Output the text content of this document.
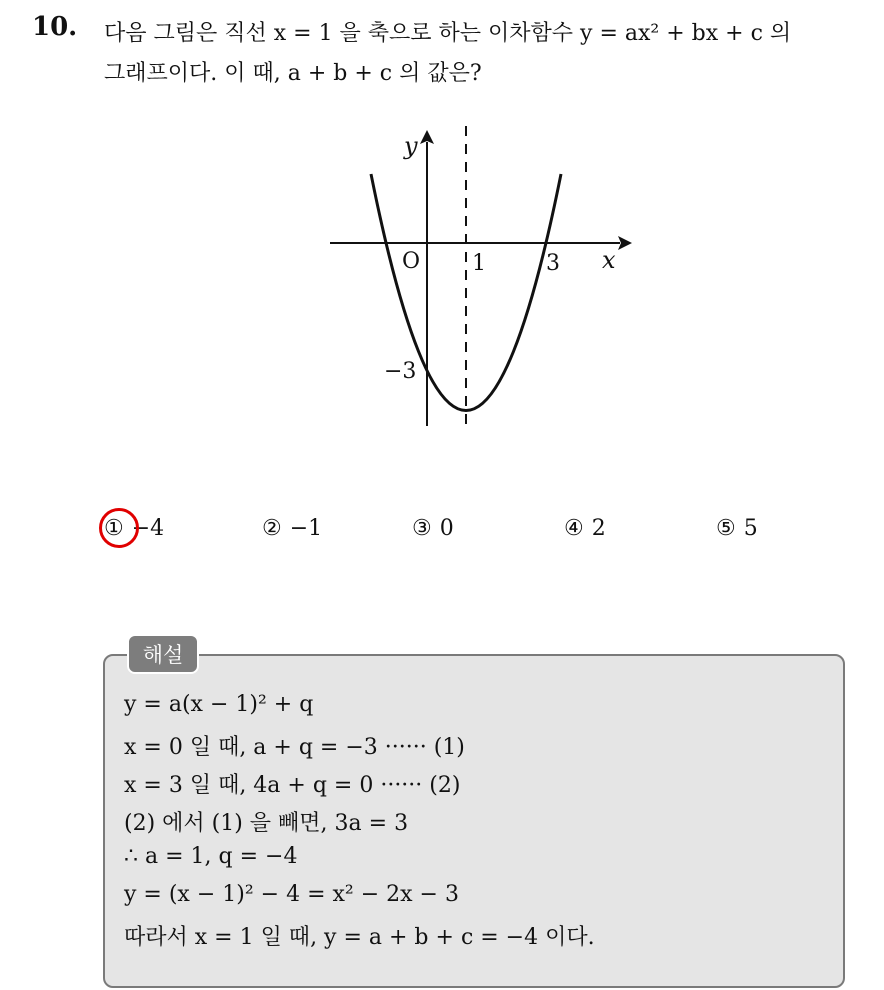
10. 다음 그림은 직선 x = 1 을 축으로 하는 이차함수 y = ax² + bx + c 의
그래프이다. 이 때, a + b + c 의 값은?
y
x
O 1	3
−3
① −4	② −1	③ 0	④ 2	⑤ 5
해설
y = a(x − 1)² + q
x = 0 일 때, a + q = −3 ······ (1)
x = 3 일 때, 4a + q = 0 ······ (2)
(2) 에서 (1) 을 빼면, 3a = 3
∴ a = 1, q = −4
y = (x − 1)² − 4 = x² − 2x − 3
따라서 x = 1 일 때, y = a + b + c = −4 이다.
